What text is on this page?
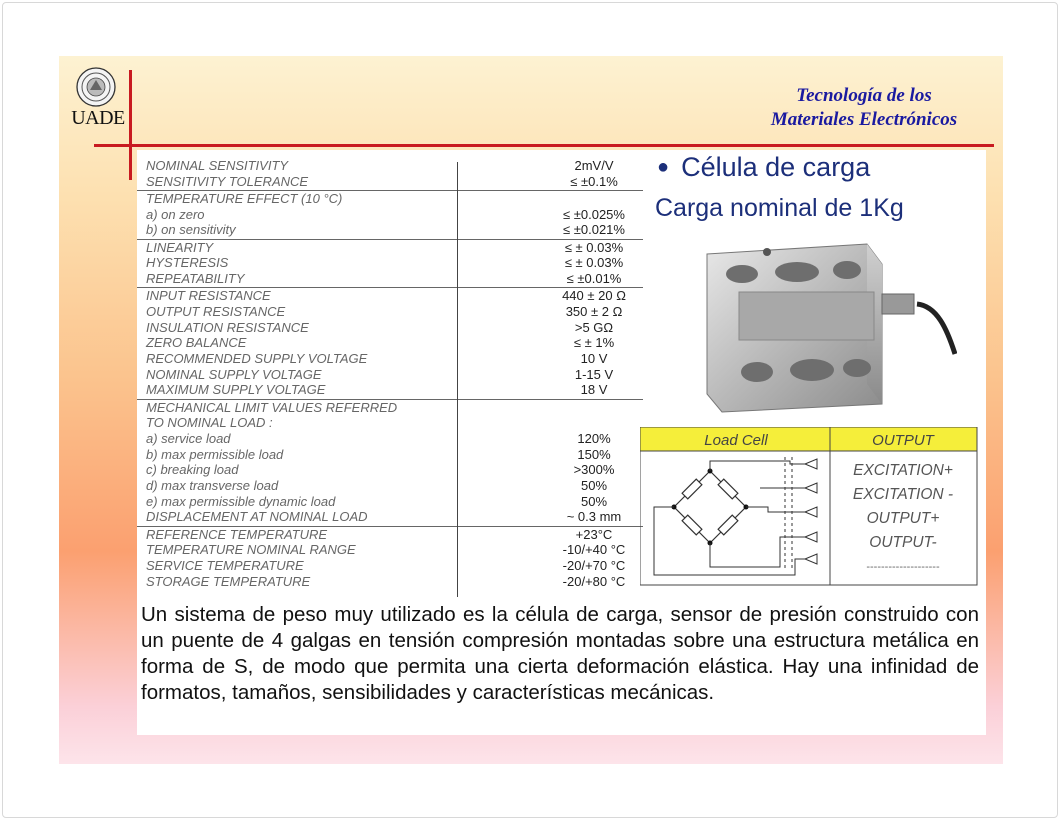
UADE
Tecnología de los
Materiales Electrónicos
NOMINAL SENSITIVITY	2mV/V
SENSITIVITY TOLERANCE	≤ ±0.1%
TEMPERATURE EFFECT (10 °C)
a) on zero	≤ ±0.025%
b) on sensitivity	≤ ±0.021%
LINEARITY	≤ ± 0.03%
HYSTERESIS	≤ ± 0.03%
REPEATABILITY	≤ ±0.01%
INPUT RESISTANCE	440 ± 20 Ω
OUTPUT RESISTANCE	350 ± 2 Ω
INSULATION RESISTANCE	>5 GΩ
ZERO BALANCE	≤ ± 1%
RECOMMENDED SUPPLY VOLTAGE	10 V
NOMINAL SUPPLY VOLTAGE	1-15 V
MAXIMUM SUPPLY VOLTAGE	18 V
MECHANICAL LIMIT VALUES REFERRED
TO NOMINAL LOAD :
a) service load	120%
b) max permissible load	150%
c) breaking load	>300%
d) max transverse load	50%
e) max permissible dynamic load	50%
DISPLACEMENT AT NOMINAL LOAD	~ 0.3 mm
REFERENCE TEMPERATURE	+23°C
TEMPERATURE NOMINAL RANGE	-10/+40 °C
SERVICE TEMPERATURE	-20/+70 °C
STORAGE TEMPERATURE	-20/+80 °C
● Célula de carga
Carga nominal de 1Kg
Load Cell	OUTPUT
EXCITATION+
EXCITATION -
OUTPUT+
OUTPUT-
--------------------
Un sistema de peso muy utilizado es la célula de carga, sensor de presión construido con un puente de 4 galgas en tensión compresión montadas sobre una estructura metálica en forma de S, de modo que permita una cierta deformación elástica. Hay una infinidad de formatos, tamaños, sensibilidades y características mecánicas.
